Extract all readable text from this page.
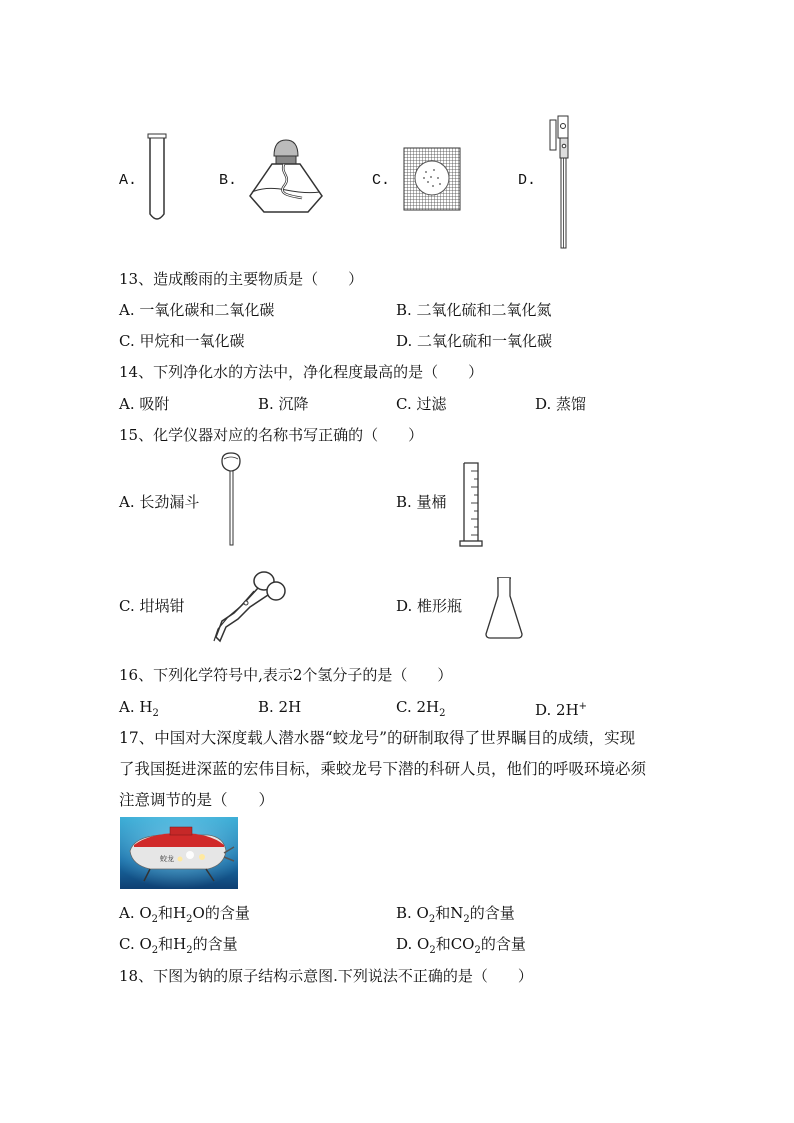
A.	B.	C.	D.
13、造成酸雨的主要物质是（　　）
A. 一氧化碳和二氧化碳	B. 二氧化硫和二氧化氮
C. 甲烷和一氧化碳	D. 二氧化硫和一氧化碳
14、下列净化水的方法中，净化程度最高的是（　　）
A. 吸附	B. 沉降	C. 过滤	D. 蒸馏
15、化学仪器对应的名称书写正确的（　　）
A. 长劲漏斗	B. 量桶
C. 坩埚钳	D. 椎形瓶
16、下列化学符号中,表示2个氢分子的是（　　）
A. $H_2$	B. 2H	C. $2H_2$	D. 2H+
17、中国对大深度载人潜水器“蛟龙号”的研制取得了世界瞩目的成绩，实现
了我国挺进深蓝的宏伟目标，乘蛟龙号下潜的科研人员，他们的呼吸环境必须
注意调节的是（　　）
蛟龙
A. $O_2$和$H_2O$的含量	B. $O_2$和$N_2$的含量
C. $O_2$和$H_2$的含量	D. $O_2$和$CO_2$的含量
18、下图为钠的原子结构示意图.下列说法不正确的是（　　）
